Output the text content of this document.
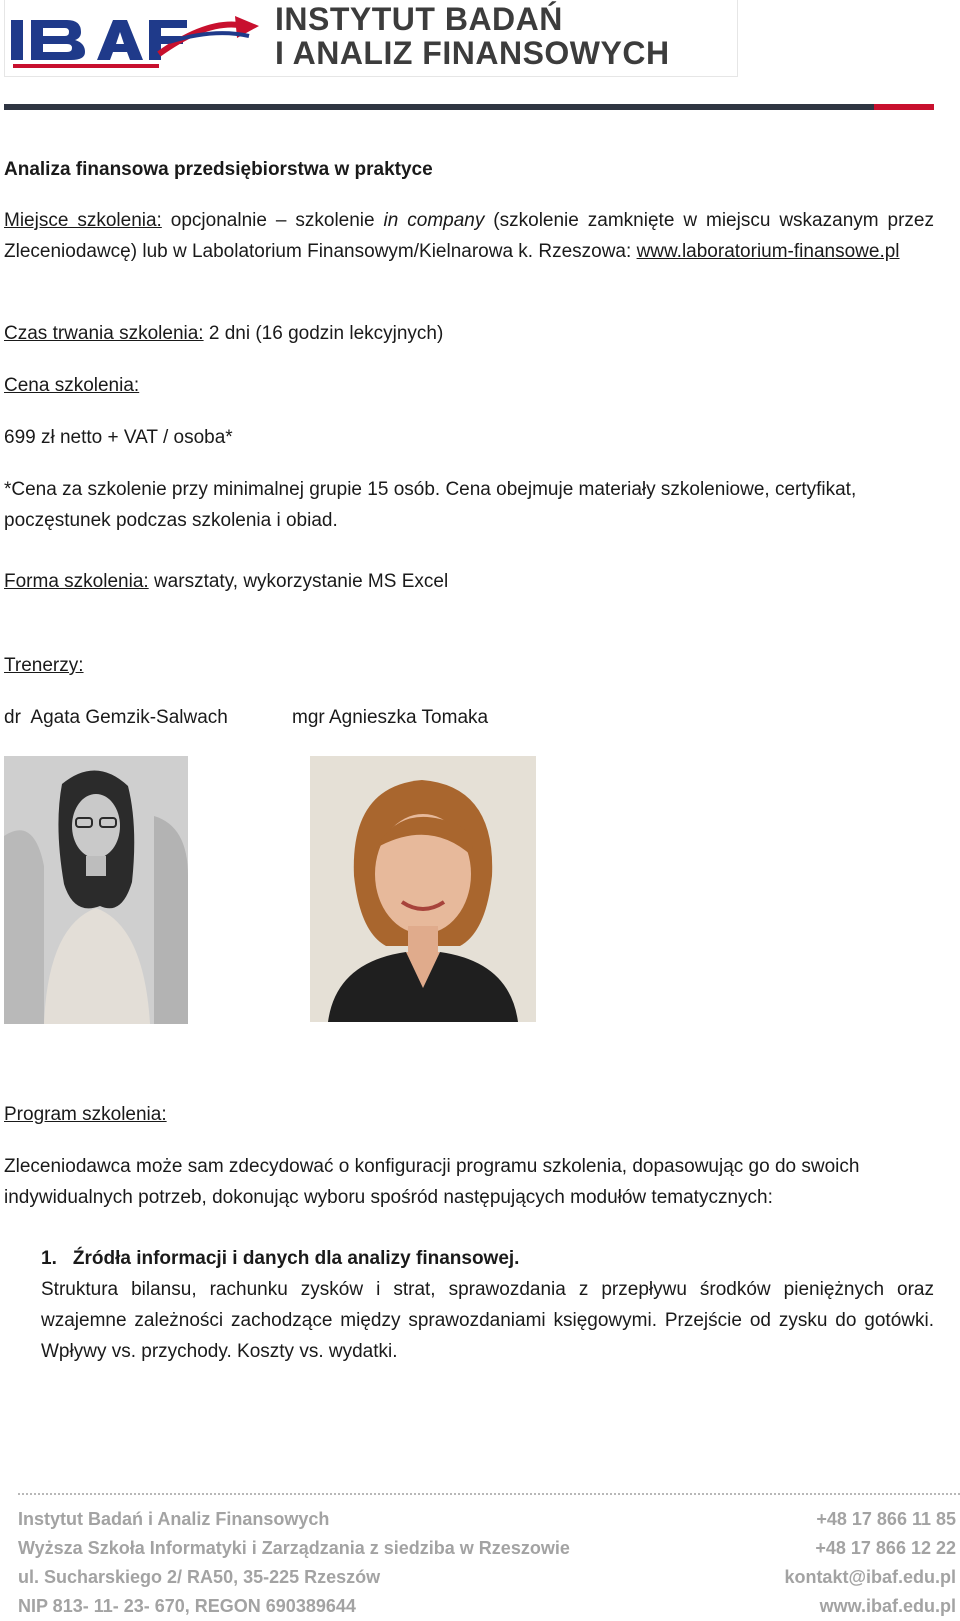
INSTYTUT BADAŃ
I ANALIZ FINANSOWYCH

Analiza finansowa przedsiębiorstwa w praktyce

Miejsce szkolenia: opcjonalnie – szkolenie in company (szkolenie zamknięte w miejscu wskazanym przez Zleceniodawcę) lub w Labolatorium Finansowym/Kielnarowa k. Rzeszowa: www.laboratorium-finansowe.pl

Czas trwania szkolenia: 2 dni (16 godzin lekcyjnych)

Cena szkolenia:

699 zł netto + VAT / osoba*

*Cena za szkolenie przy minimalnej grupie 15 osób. Cena obejmuje materiały szkoleniowe, certyfikat, poczęstunek podczas szkolenia i obiad.

Forma szkolenia: warsztaty, wykorzystanie MS Excel

Trenerzy:

dr  Agata Gemzik-Salwach	mgr Agnieszka Tomaka

Program szkolenia:

Zleceniodawca może sam zdecydować o konfiguracji programu szkolenia, dopasowując go do swoich indywidualnych potrzeb, dokonując wyboru spośród następujących modułów tematycznych:

1. Źródła informacji i danych dla analizy finansowej.

Struktura bilansu, rachunku zysków i strat, sprawozdania z przepływu środków pieniężnych oraz wzajemne zależności zachodzące między sprawozdaniami księgowymi. Przejście od zysku do gotówki. Wpływy vs. przychody. Koszty vs. wydatki.

Instytut Badań i Analiz Finansowych
Wyższa Szkoła Informatyki i Zarządzania z siedziba w Rzeszowie
ul. Sucharskiego 2/ RA50, 35-225 Rzeszów
NIP 813- 11- 23- 670, REGON 690389644
+48 17 866 11 85
+48 17 866 12 22
kontakt@ibaf.edu.pl
www.ibaf.edu.pl
